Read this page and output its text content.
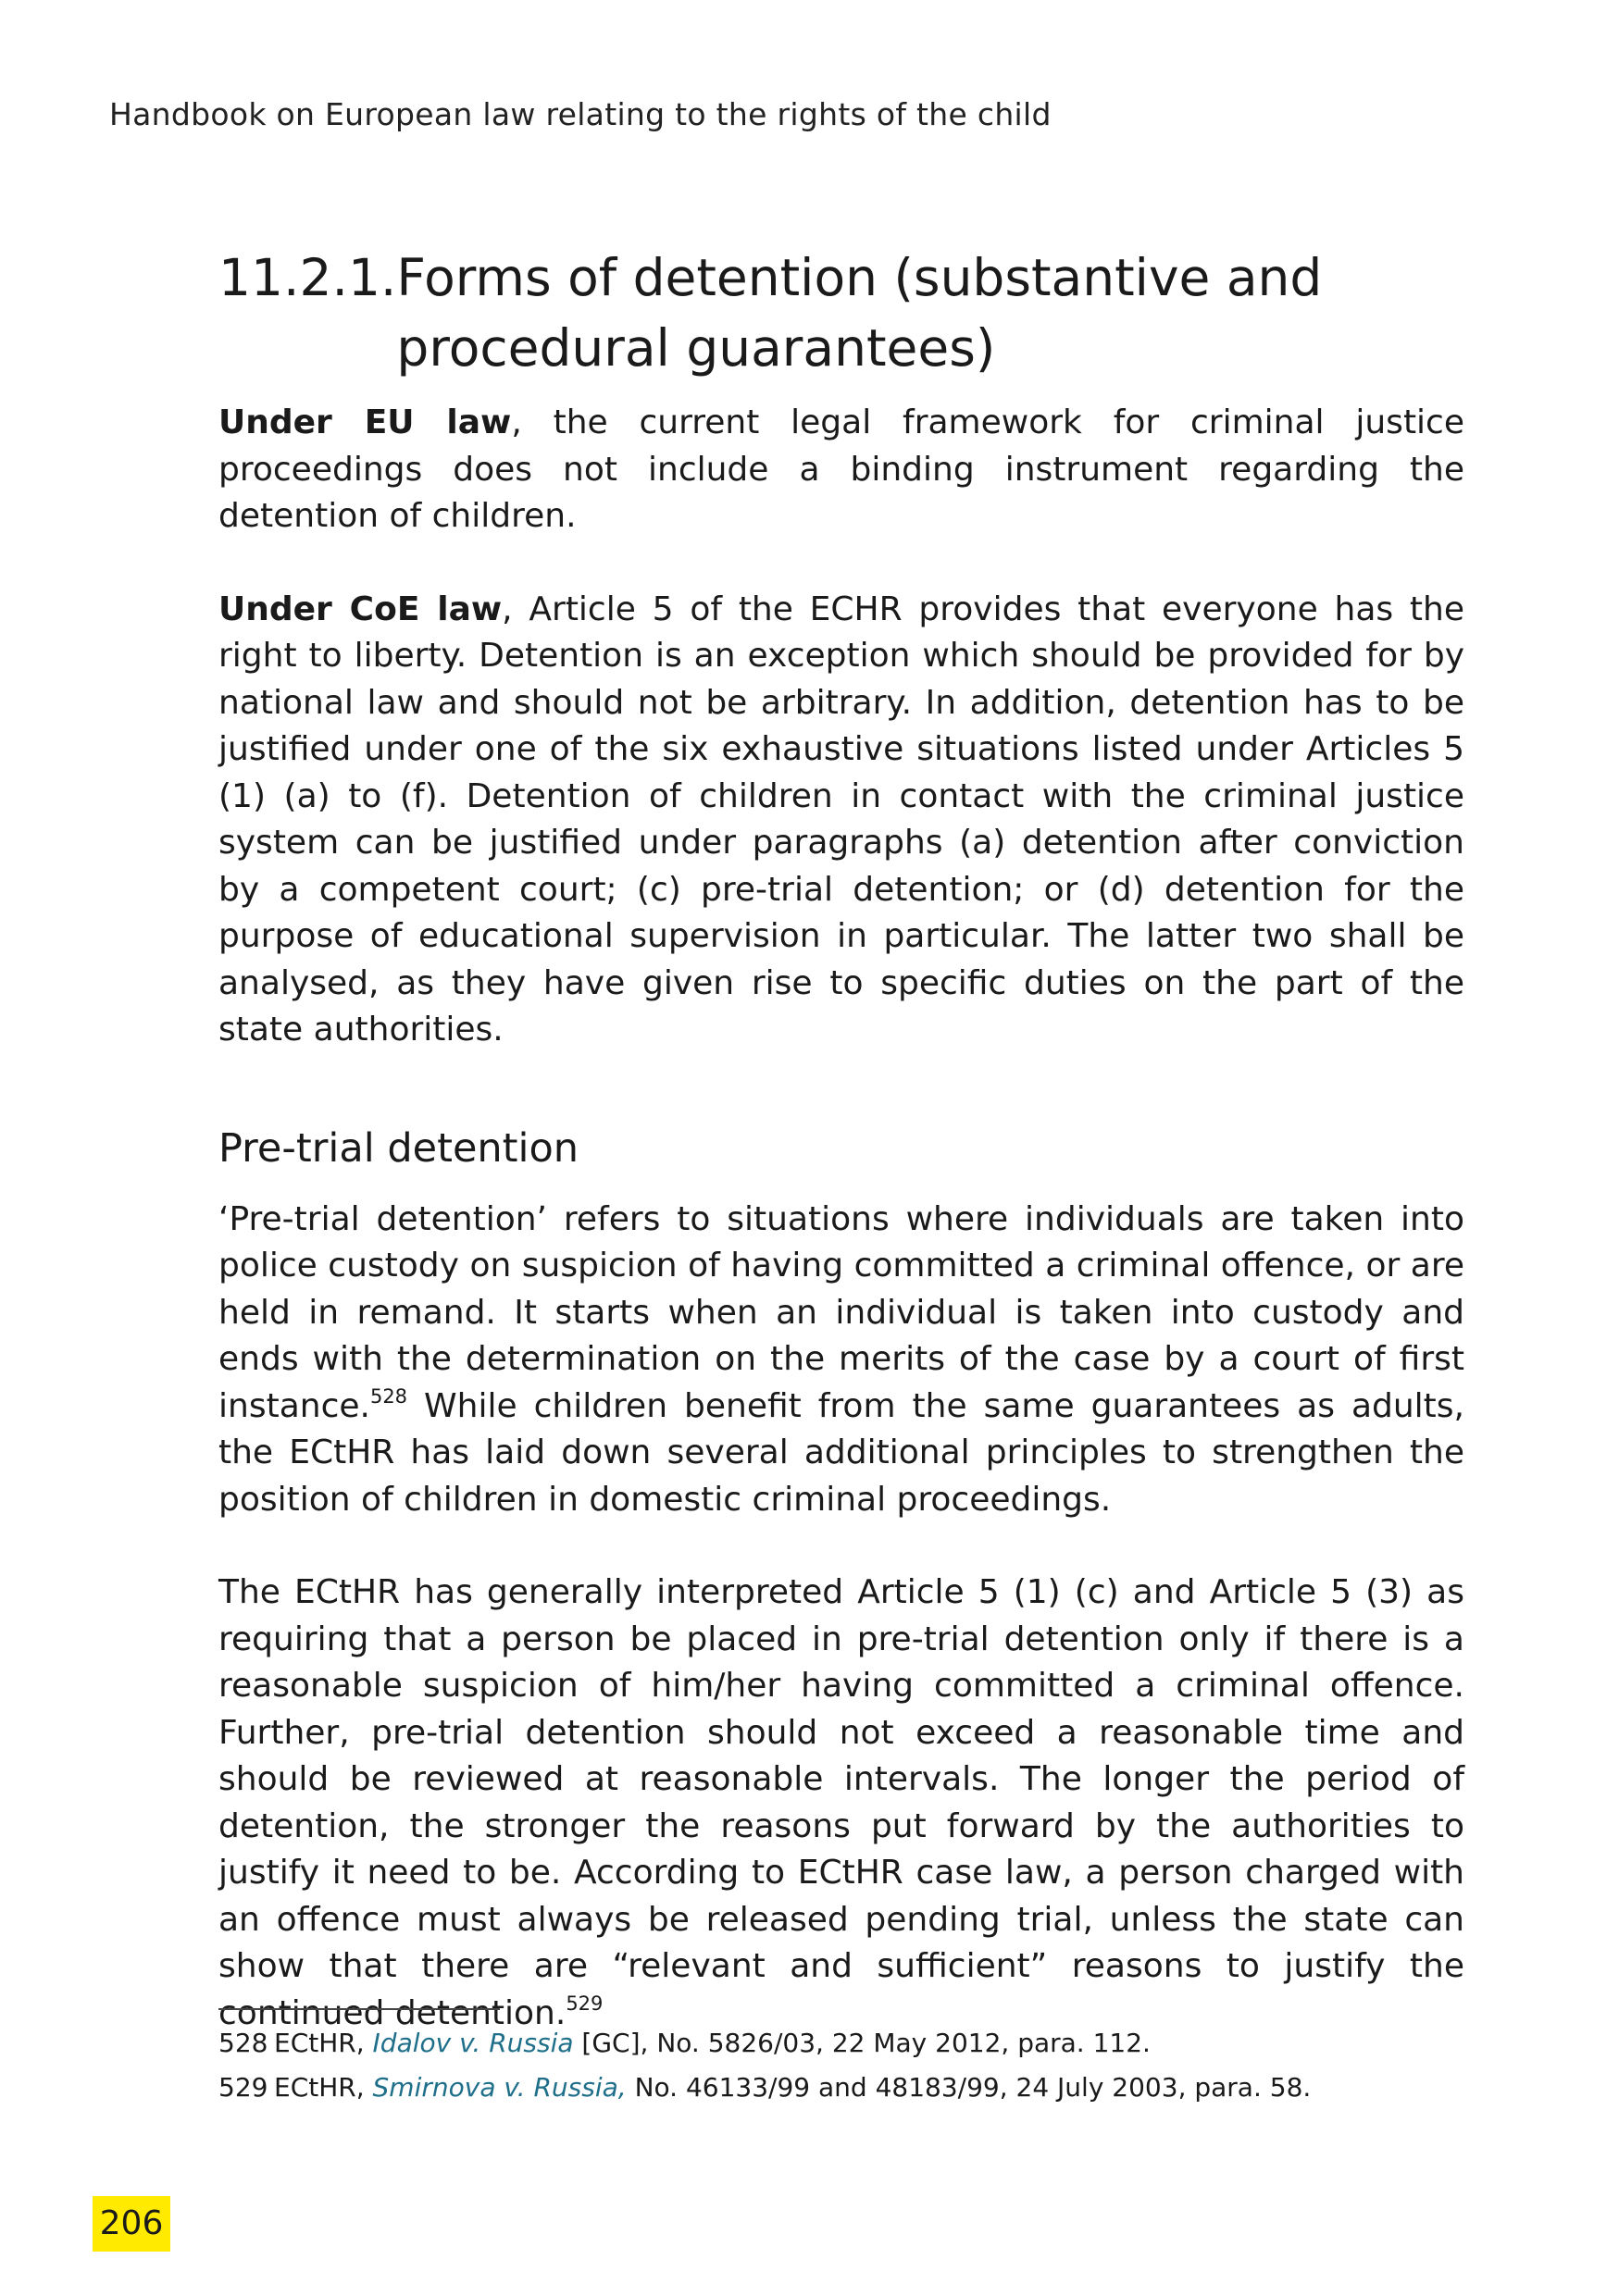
Handbook on European law relating to the rights of the child
11.2.1. Forms of detention (substantive and procedural guarantees)

Under EU law, the current legal framework for criminal justice proceedings does not include a binding instrument regarding the detention of children.

Under CoE law, Article 5 of the ECHR provides that everyone has the right to liberty. Detention is an exception which should be provided for by national law and should not be arbitrary. In addition, detention has to be justified under one of the six exhaustive situations listed under Articles 5 (1) (a) to (f). Detention of children in contact with the criminal justice system can be justified under paragraphs (a) detention after conviction by a competent court; (c) pre-trial detention; or (d) detention for the purpose of educational supervision in particular. The latter two shall be analysed, as they have given rise to specific duties on the part of the state authorities.

Pre-trial detention

‘Pre-trial detention’ refers to situations where individuals are taken into police custody on suspicion of having committed a criminal offence, or are held in remand. It starts when an individual is taken into custody and ends with the determination on the merits of the case by a court of first instance.$^{528}$ While children benefit from the same guarantees as adults, the ECtHR has laid down several additional principles to strengthen the position of children in domestic criminal proceedings.

The ECtHR has generally interpreted Article 5 (1) (c) and Article 5 (3) as requiring that a person be placed in pre-trial detention only if there is a reasonable suspicion of him/her having committed a criminal offence. Further, pre-trial detention should not exceed a reasonable time and should be reviewed at reasonable intervals. The longer the period of detention, the stronger the reasons put forward by the authorities to justify it need to be. According to ECtHR case law, a person charged with an offence must always be released pending trial, unless the state can show that there are “relevant and sufficient” reasons to justify the continued detention.$^{529}$

528 ECtHR, Idalov v. Russia [GC], No. 5826/03, 22 May 2012, para. 112.
529 ECtHR, Smirnova v. Russia, No. 46133/99 and 48183/99, 24 July 2003, para. 58.
206
